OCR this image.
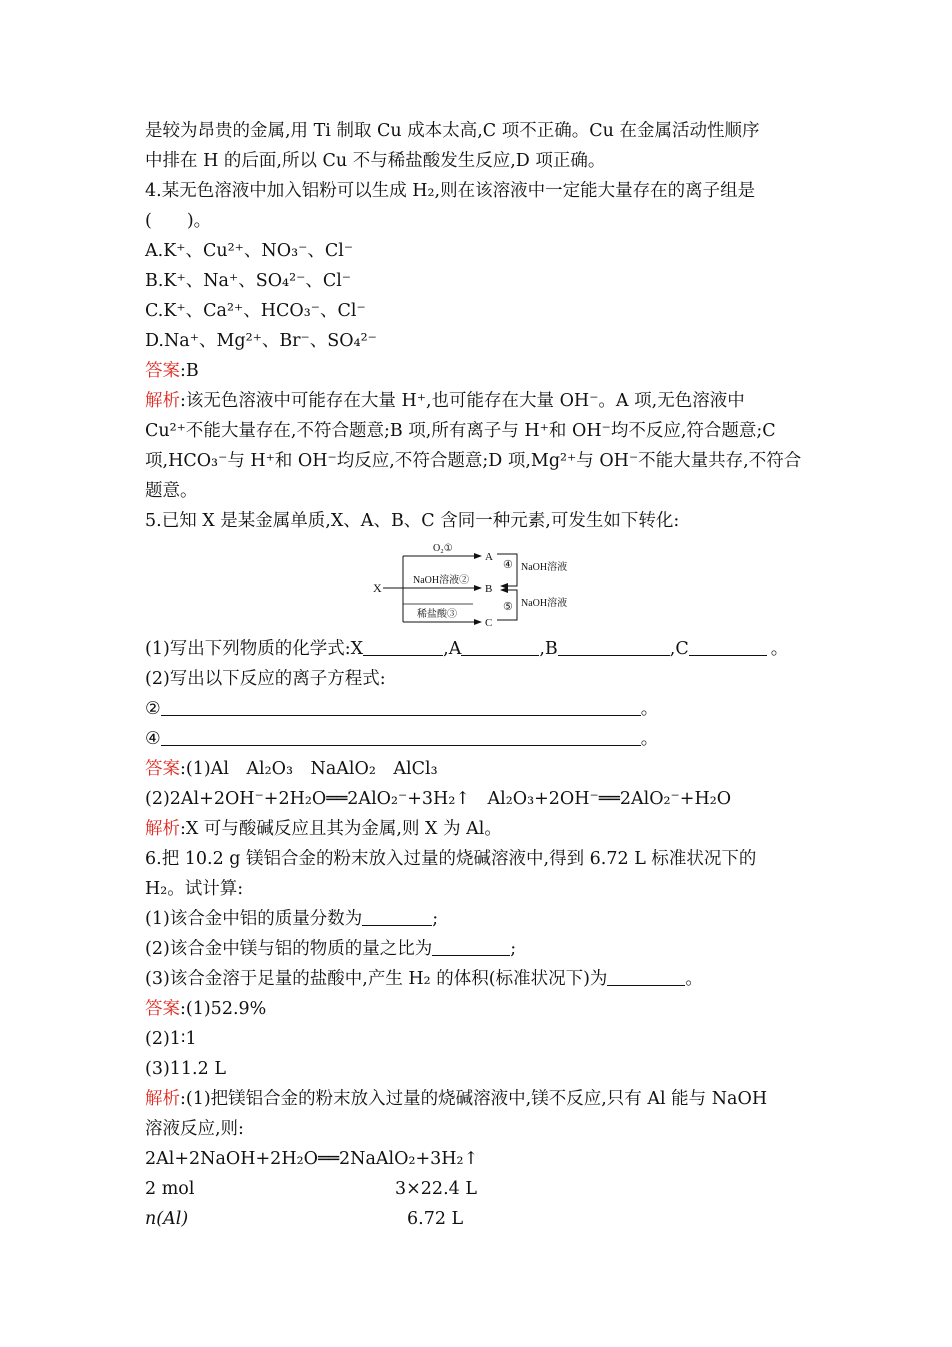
是较为昂贵的金属,用 Ti 制取 Cu 成本太高,C 项不正确。Cu 在金属活动性顺序
中排在 H 的后面,所以 Cu 不与稀盐酸发生反应,D 项正确。
4.某无色溶液中加入铝粉可以生成 H₂,则在该溶液中一定能大量存在的离子组是
(　　)。
A.K⁺、Cu²⁺、NO₃⁻、Cl⁻
B.K⁺、Na⁺、SO₄²⁻、Cl⁻
C.K⁺、Ca²⁺、HCO₃⁻、Cl⁻
D.Na⁺、Mg²⁺、Br⁻、SO₄²⁻
答案:B
解析:该无色溶液中可能存在大量 H⁺,也可能存在大量 OH⁻。A 项,无色溶液中
Cu²⁺不能大量存在,不符合题意;B 项,所有离子与 H⁺和 OH⁻均不反应,符合题意;C
项,HCO₃⁻与 H⁺和 OH⁻均反应,不符合题意;D 项,Mg²⁺与 OH⁻不能大量共存,不符合
题意。
5.已知 X 是某金属单质,X、A、B、C 含同一种元素,可发生如下转化:
X
O₂①
NaOH溶液②
稀盐酸③
A
B
C
④ NaOH溶液
⑤ NaOH溶液
(1)写出下列物质的化学式:X	,A	,B	,C	。
(2)写出以下反应的离子方程式:
②	。
④	。
答案:(1)Al　Al₂O₃　NaAlO₂　AlCl₃
(2)2Al+2OH⁻+2H₂O══2AlO₂⁻+3H₂↑　Al₂O₃+2OH⁻══2AlO₂⁻+H₂O
解析:X 可与酸碱反应且其为金属,则 X 为 Al。
6.把 10.2 g 镁铝合金的粉末放入过量的烧碱溶液中,得到 6.72 L 标准状况下的
H₂。试计算:
(1)该合金中铝的质量分数为	;
(2)该合金中镁与铝的物质的量之比为	;
(3)该合金溶于足量的盐酸中,产生 H₂ 的体积(标准状况下)为	。
答案:(1)52.9%
(2)1∶1
(3)11.2 L
解析:(1)把镁铝合金的粉末放入过量的烧碱溶液中,镁不反应,只有 Al 能与 NaOH
溶液反应,则:
2Al+2NaOH+2H₂O══2NaAlO₂+3H₂↑
2 mol	3×22.4 L
n(Al)	6.72 L
